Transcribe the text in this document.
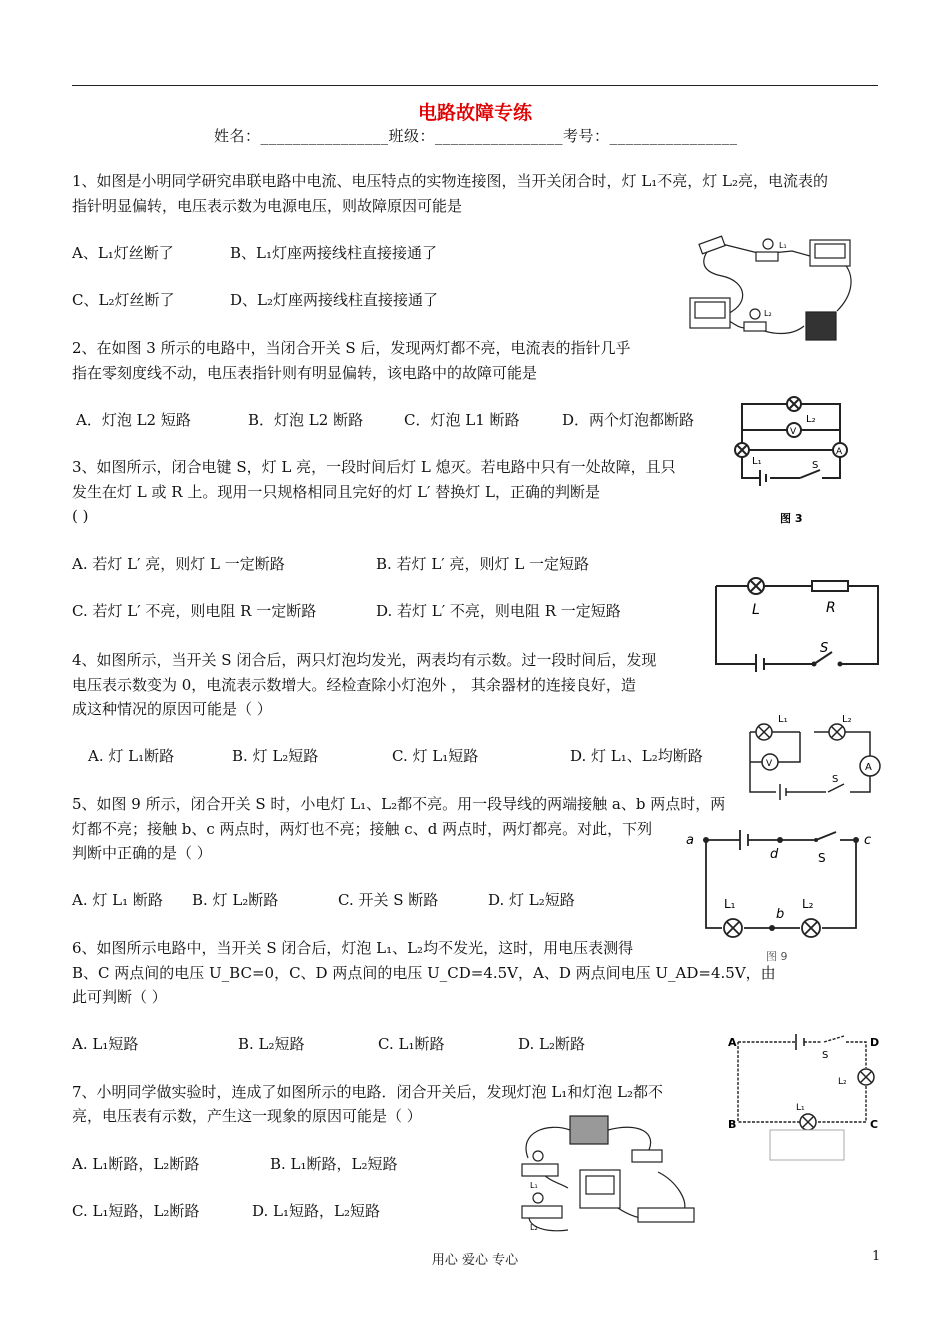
电路故障专练
姓名：________________班级：________________考号：________________
1、如图是小明同学研究串联电路中电流、电压特点的实物连接图，当开关闭合时，灯 L₁不亮，灯 L₂亮，电流表的
指针明显偏转，电压表示数为电源电压，则故障原因可能是
A、L₁灯丝断了	B、L₁灯座两接线柱直接接通了
C、L₂灯丝断了	D、L₂灯座两接线柱直接接通了
2、在如图 3 所示的电路中，当闭合开关 S 后，发现两灯都不亮，电流表的指针几乎
指在零刻度线不动，电压表指针则有明显偏转，该电路中的故障可能是
A．灯泡 L2 短路	B．灯泡 L2 断路	C．灯泡 L1 断路	D．两个灯泡都断路
3、如图所示，闭合电键 S，灯 L 亮，一段时间后灯 L 熄灭。若电路中只有一处故障，且只
发生在灯 L 或 R 上。现用一只规格相同且完好的灯 L′ 替换灯 L，正确的判断是
( )
A. 若灯 L′ 亮，则灯 L 一定断路	B. 若灯 L′ 亮，则灯 L 一定短路
C. 若灯 L′ 不亮，则电阻 R 一定断路	D. 若灯 L′ 不亮，则电阻 R 一定短路
4、如图所示，当开关 S 闭合后，两只灯泡均发光，两表均有示数。过一段时间后，发现
电压表示数变为 0，电流表示数增大。经检查除小灯泡外 ， 其余器材的连接良好，造
成这种情况的原因可能是（ ）
A. 灯 L₁断路	B. 灯 L₂短路	C. 灯 L₁短路	D. 灯 L₁、L₂均断路
5、如图 9 所示，闭合开关 S 时，小电灯 L₁、L₂都不亮。用一段导线的两端接触 a、b 两点时，两
灯都不亮；接触 b、c 两点时，两灯也不亮；接触 c、d 两点时，两灯都亮。对此，下列
判断中正确的是（ ）
A. 灯 L₁ 断路 B. 灯 L₂断路	C. 开关 S 断路	D. 灯 L₂短路
6、如图所示电路中，当开关 S 闭合后，灯泡 L₁、L₂均不发光，这时，用电压表测得
B、C 两点间的电压 U_BC=0，C、D 两点间的电压 U_CD=4.5V，A、D 两点间电压 U_AD=4.5V，由
此可判断（ ）
A. L₁短路	B. L₂短路	C. L₁断路	D. L₂断路
7、小明同学做实验时，连成了如图所示的电路．闭合开关后，发现灯泡 L₁和灯泡 L₂都不
亮，电压表有示数，产生这一现象的原因可能是（ ）
A. L₁断路，L₂断路	B. L₁断路，L₂短路
C. L₁短路，L₂断路	D. L₁短路，L₂短路
L₁
L₂
V
A
L₂
L₁	S
图 3
L	R
S
V	A
L₁	L₂
S
a
d
c
b
S
L₁	L₂
图 9
A	D
B	C
S
L₂
L₁
L₁
L₂
用心 爱心 专心	1
